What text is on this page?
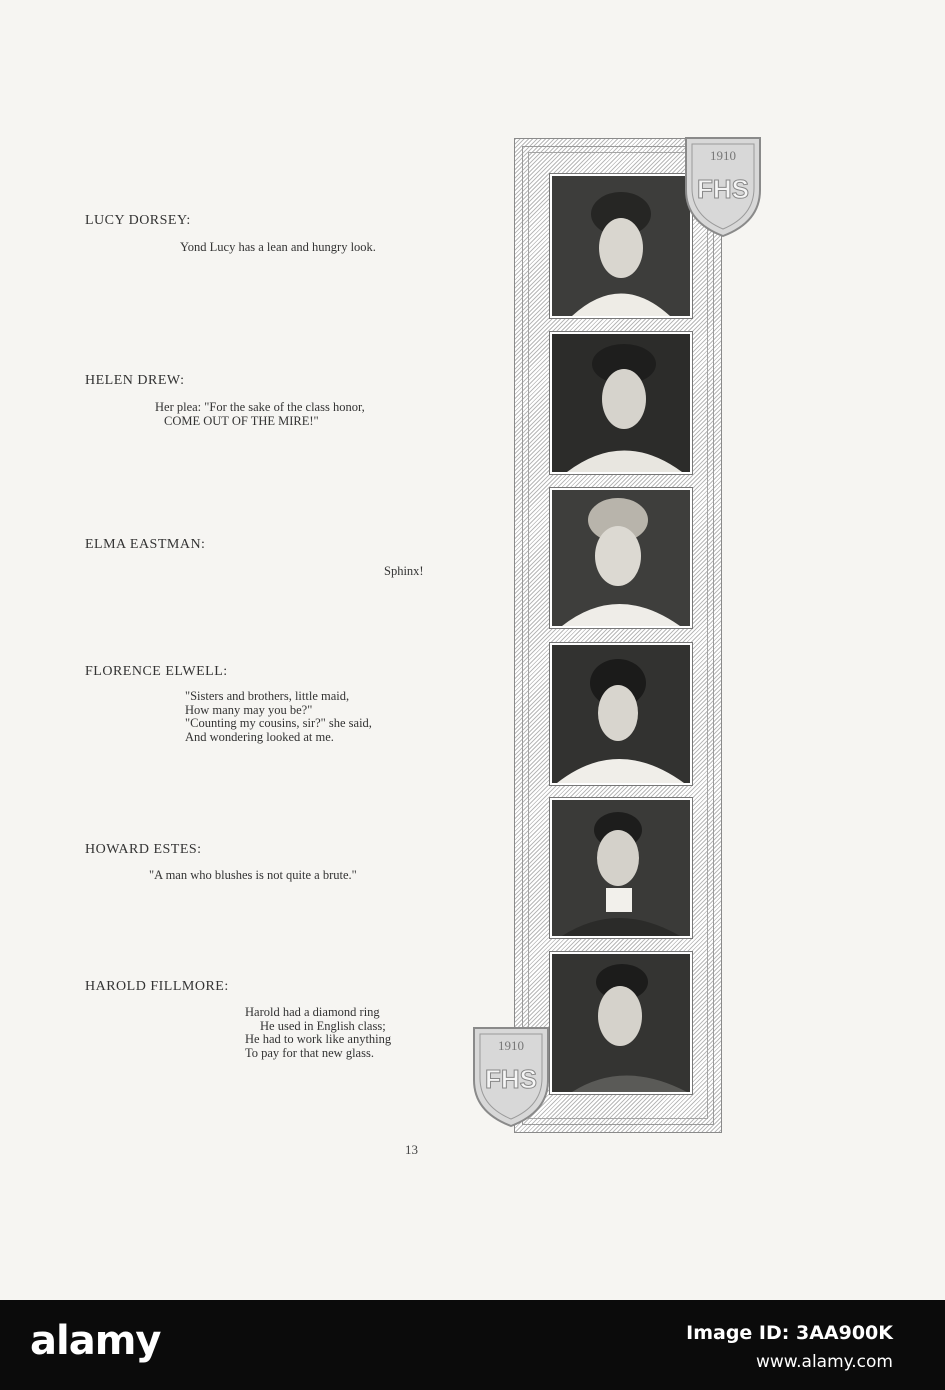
LUCY DORSEY:
Yond Lucy has a lean and hungry look.
HELEN DREW:
Her plea: "For the sake of the class honor,
COME OUT OF THE MIRE!"
ELMA EASTMAN:
Sphinx!
FLORENCE ELWELL:
"Sisters and brothers, little maid,
How many may you be?"
"Counting my cousins, sir?" she said,
And wondering looked at me.
HOWARD ESTES:
"A man who blushes is not quite a brute."
HAROLD FILLMORE:
Harold had a diamond ring
He used in English class;
He had to work like anything
To pay for that new glass.
13
1910
FHS
1910
FHS
alamy	Image ID: 3AA900K
www.alamy.com
